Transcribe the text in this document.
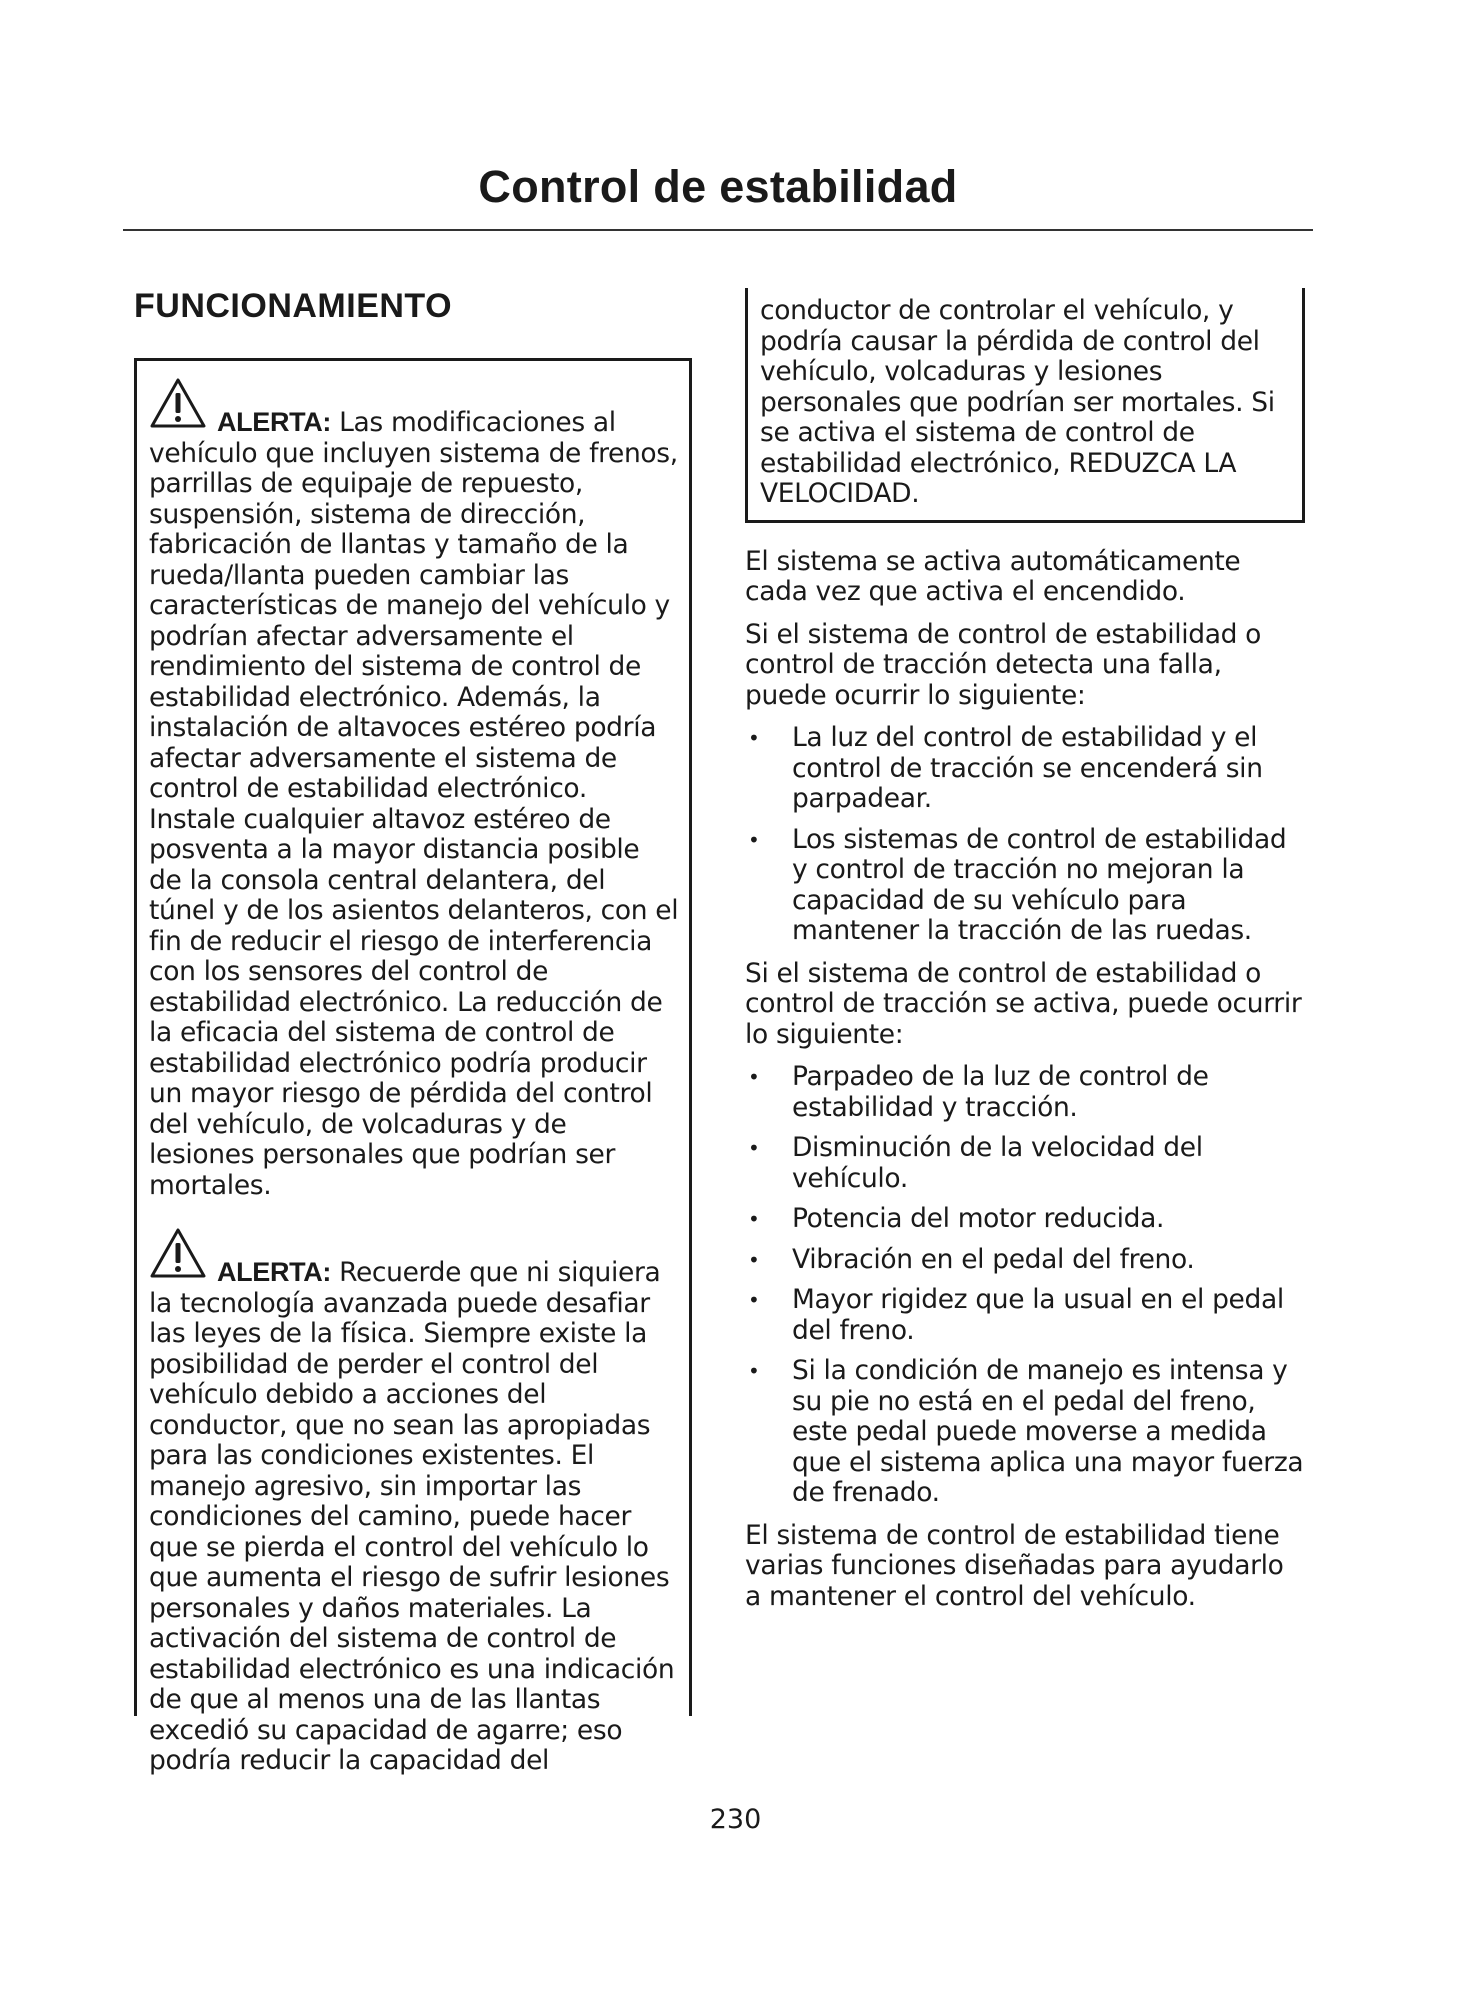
Control de estabilidad
FUNCIONAMIENTO
ALERTA: Las modificaciones al vehículo que incluyen sistema de frenos, parrillas de equipaje de repuesto, suspensión, sistema de dirección, fabricación de llantas y tamaño de la rueda/llanta pueden cambiar las características de manejo del vehículo y podrían afectar adversamente el rendimiento del sistema de control de estabilidad electrónico. Además, la instalación de altavoces estéreo podría afectar adversamente el sistema de control de estabilidad electrónico. Instale cualquier altavoz estéreo de posventa a la mayor distancia posible de la consola central delantera, del túnel y de los asientos delanteros, con el fin de reducir el riesgo de interferencia con los sensores del control de estabilidad electrónico. La reducción de la eficacia del sistema de control de estabilidad electrónico podría producir un mayor riesgo de pérdida del control del vehículo, de volcaduras y de lesiones personales que podrían ser mortales.
ALERTA: Recuerde que ni siquiera la tecnología avanzada puede desafiar las leyes de la física. Siempre existe la posibilidad de perder el control del vehículo debido a acciones del conductor, que no sean las apropiadas para las condiciones existentes. El manejo agresivo, sin importar las condiciones del camino, puede hacer que se pierda el control del vehículo lo que aumenta el riesgo de sufrir lesiones personales y daños materiales. La activación del sistema de control de estabilidad electrónico es una indicación de que al menos una de las llantas excedió su capacidad de agarre; eso podría reducir la capacidad del
conductor de controlar el vehículo, y podría causar la pérdida de control del vehículo, volcaduras y lesiones personales que podrían ser mortales. Si se activa el sistema de control de estabilidad electrónico, REDUZCA LA VELOCIDAD.

El sistema se activa automáticamente cada vez que activa el encendido.

Si el sistema de control de estabilidad o control de tracción detecta una falla, puede ocurrir lo siguiente:

• La luz del control de estabilidad y el control de tracción se encenderá sin parpadear.
• Los sistemas de control de estabilidad y control de tracción no mejoran la capacidad de su vehículo para mantener la tracción de las ruedas.

Si el sistema de control de estabilidad o control de tracción se activa, puede ocurrir lo siguiente:

• Parpadeo de la luz de control de estabilidad y tracción.
• Disminución de la velocidad del vehículo.
• Potencia del motor reducida.
• Vibración en el pedal del freno.
• Mayor rigidez que la usual en el pedal del freno.
• Si la condición de manejo es intensa y su pie no está en el pedal del freno, este pedal puede moverse a medida que el sistema aplica una mayor fuerza de frenado.

El sistema de control de estabilidad tiene varias funciones diseñadas para ayudarlo a mantener el control del vehículo.

230
